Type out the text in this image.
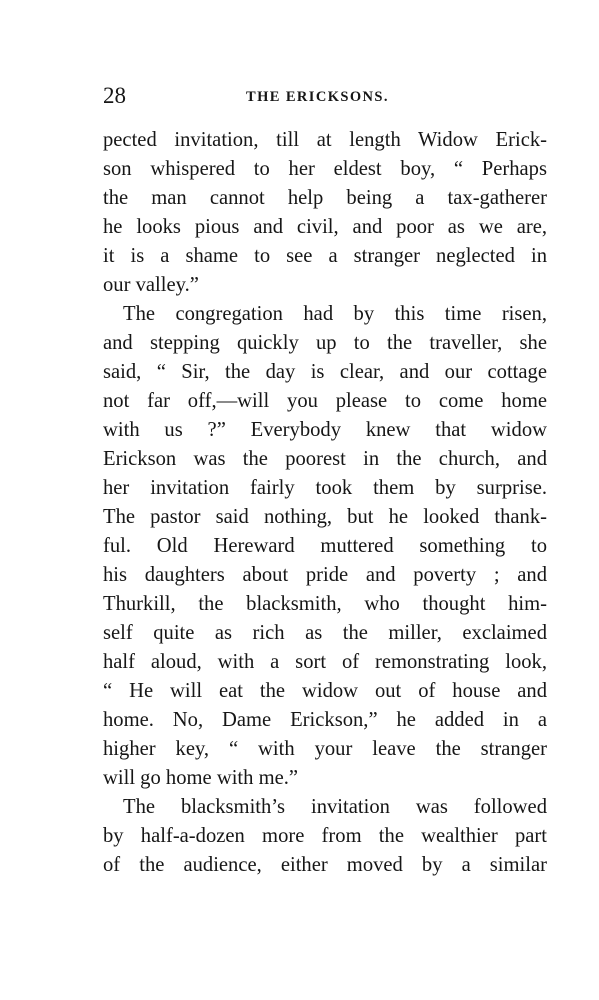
28	THE ERICKSONS.
pected invitation, till at length Widow Erick-
son whispered to her eldest boy, “ Perhaps
the man cannot help being a tax-gatherer
he looks pious and civil, and poor as we are,
it is a shame to see a stranger neglected in
our valley.”
The congregation had by this time risen,
and stepping quickly up to the traveller, she
said, “ Sir, the day is clear, and our cottage
not far off,—will you please to come home
with us ?” Everybody knew that widow
Erickson was the poorest in the church, and
her invitation fairly took them by surprise.
The pastor said nothing, but he looked thank-
ful. Old Hereward muttered something to
his daughters about pride and poverty ; and
Thurkill, the blacksmith, who thought him-
self quite as rich as the miller, exclaimed
half aloud, with a sort of remonstrating look,
“ He will eat the widow out of house and
home. No, Dame Erickson,” he added in a
higher key, “ with your leave the stranger
will go home with me.”
The blacksmith’s invitation was followed
by half-a-dozen more from the wealthier part
of the audience, either moved by a similar
